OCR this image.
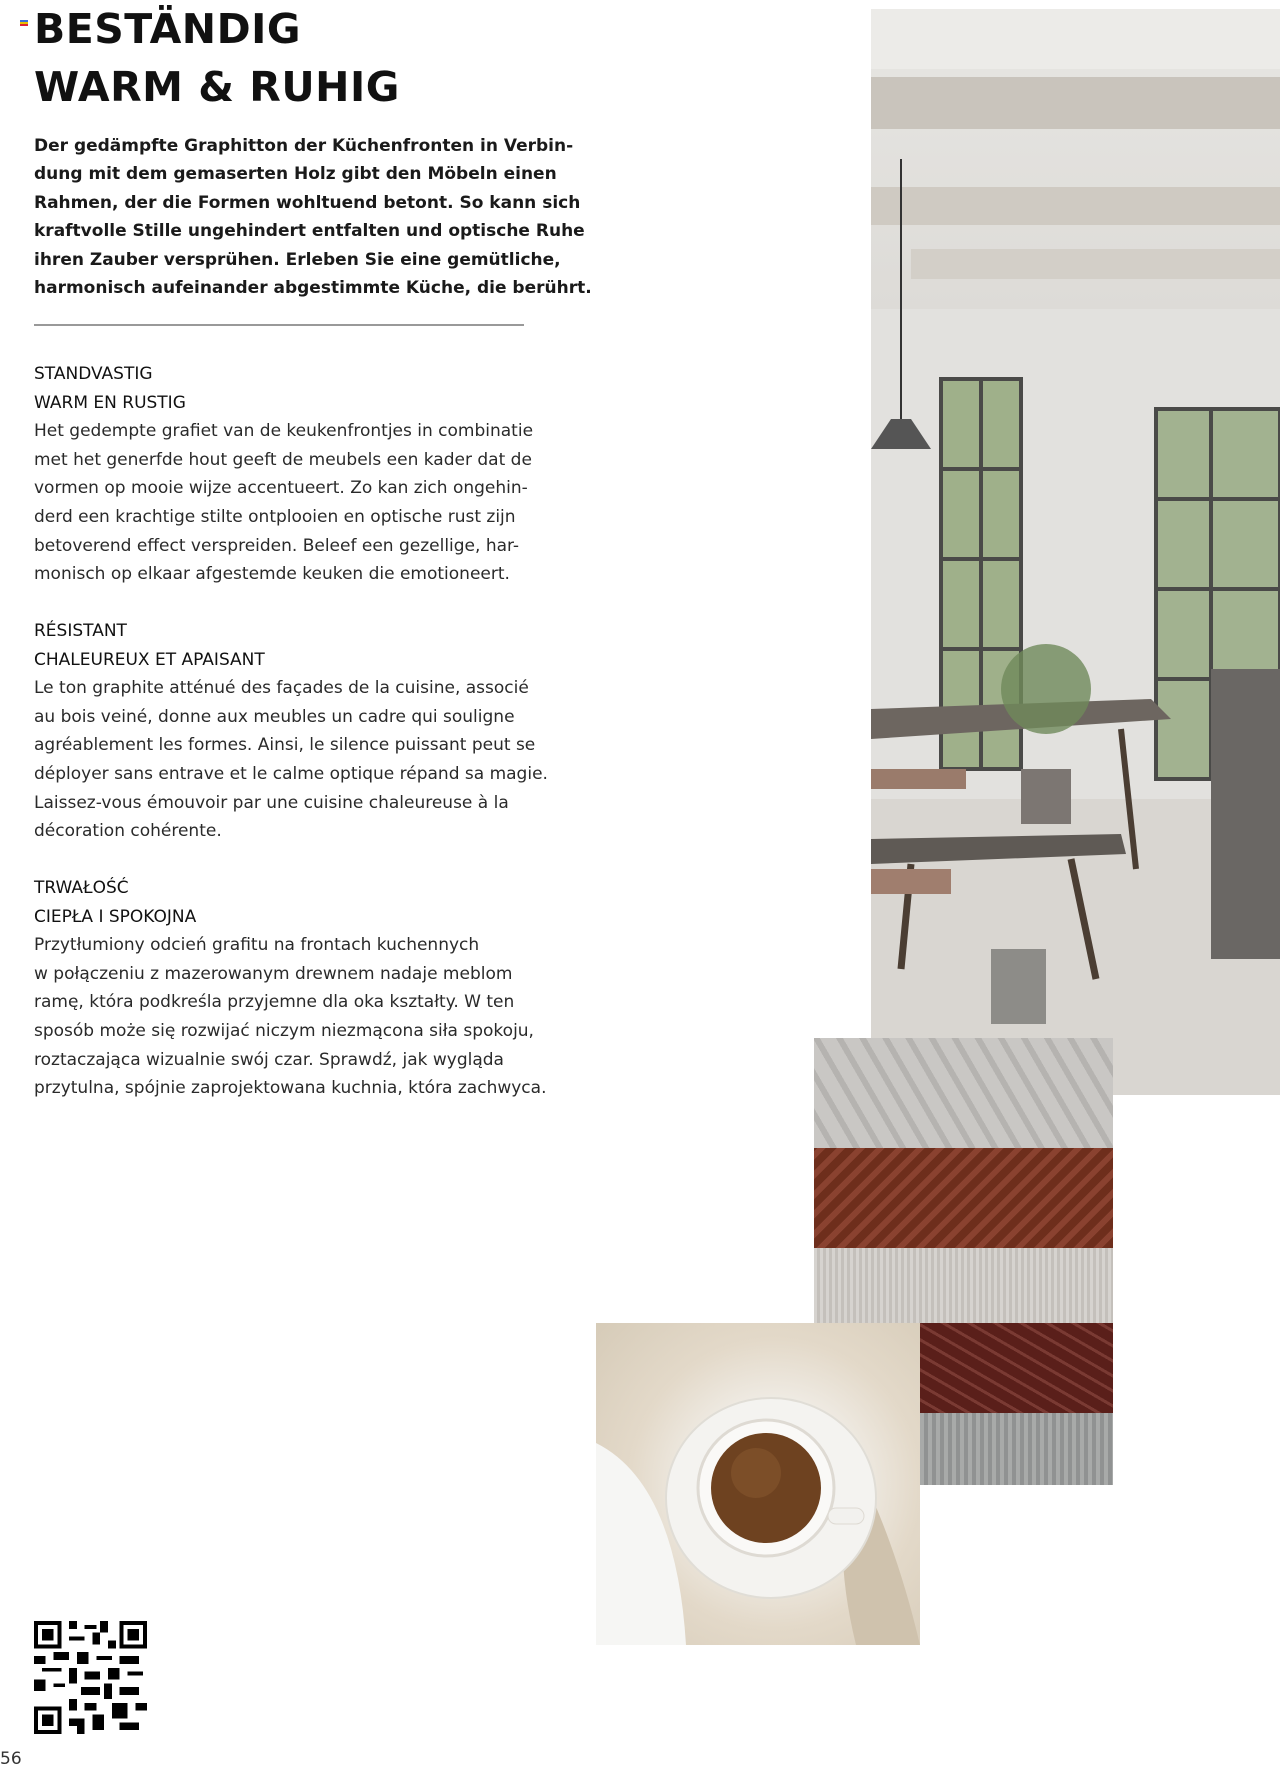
BESTÄNDIG
WARM & RUHIG
Der gedämpfte Graphitton der Küchenfronten in Verbin-
dung mit dem gemaserten Holz gibt den Möbeln einen
Rahmen, der die Formen wohltuend betont. So kann sich
kraftvolle Stille ungehindert entfalten und optische Ruhe
ihren Zauber versprühen. Erleben Sie eine gemütliche,
harmonisch aufeinander abgestimmte Küche, die berührt.
STANDVASTIG
WARM EN RUSTIG
Het gedempte grafiet van de keukenfrontjes in combinatie
met het generfde hout geeft de meubels een kader dat de
vormen op mooie wijze accentueert. Zo kan zich ongehin-
derd een krachtige stilte ontplooien en optische rust zijn
betoverend effect verspreiden. Beleef een gezellige, har-
monisch op elkaar afgestemde keuken die emotioneert.
RÉSISTANT
CHALEUREUX ET APAISANT
Le ton graphite atténué des façades de la cuisine, associé
au bois veiné, donne aux meubles un cadre qui souligne
agréablement les formes. Ainsi, le silence puissant peut se
déployer sans entrave et le calme optique répand sa magie.
Laissez-vous émouvoir par une cuisine chaleureuse à la
décoration cohérente.
TRWAŁOŚĆ
CIEPŁA I SPOKOJNA
Przytłumiony odcień grafitu na frontach kuchennych
w połączeniu z mazerowanym drewnem nadaje meblom
ramę, która podkreśla przyjemne dla oka kształty. W ten
sposób może się rozwijać niczym niezmącona siła spokoju,
roztaczająca wizualnie swój czar. Sprawdź, jak wygląda
przytulna, spójnie zaprojektowana kuchnia, która zachwyca.
56
